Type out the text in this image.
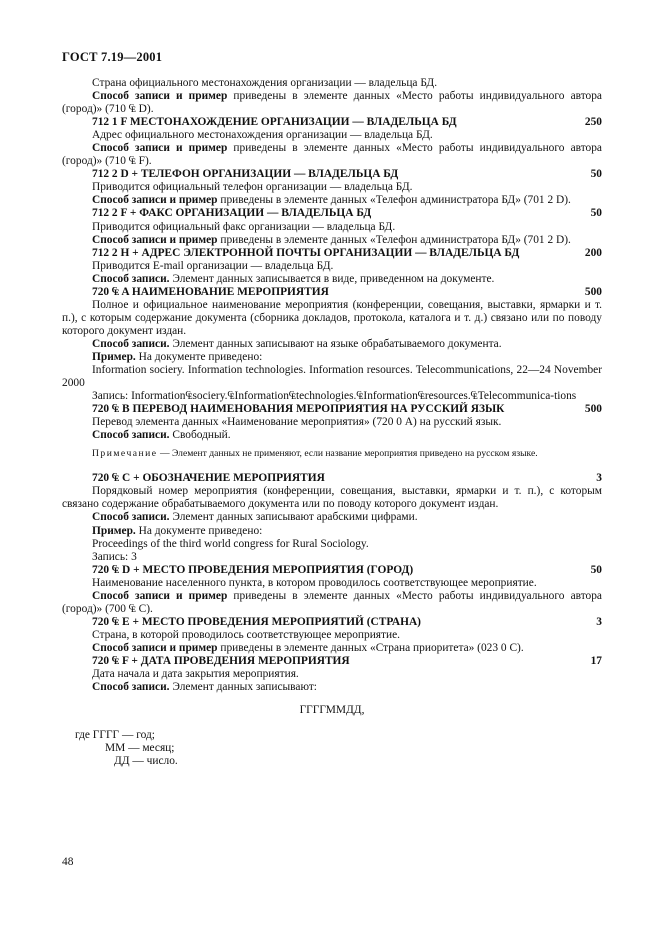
ГОСТ 7.19—2001

Страна официального местонахождения организации — владельца БД.

Способ записи и пример приведены в элементе данных «Место работы индивидуального автора (город)» (710 ₠ D).

712 1 F МЕСТОНАХОЖДЕНИЕ ОРГАНИЗАЦИИ — ВЛАДЕЛЬЦА БД	250

Адрес официального местонахождения организации — владельца БД.

Способ записи и пример приведены в элементе данных «Место работы индивидуального автора (город)» (710 ₠ F).

712 2 D + ТЕЛЕФОН ОРГАНИЗАЦИИ — ВЛАДЕЛЬЦА БД	50

Приводится официальный телефон организации — владельца БД.

Способ записи и пример приведены в элементе данных «Телефон администратора БД» (701 2 D).

712 2 F + ФАКС ОРГАНИЗАЦИИ — ВЛАДЕЛЬЦА БД	50

Приводится официальный факс организации — владельца БД.

Способ записи и пример приведены в элементе данных «Телефон администратора БД» (701 2 D).

712 2 H + АДРЕС ЭЛЕКТРОННОЙ ПОЧТЫ ОРГАНИЗАЦИИ — ВЛАДЕЛЬЦА БД	200

Приводится E-mail организации — владельца БД.

Способ записи. Элемент данных записывается в виде, приведенном на документе.

720 ₠ A НАИМЕНОВАНИЕ МЕРОПРИЯТИЯ	500

Полное и официальное наименование мероприятия (конференции, совещания, выставки, ярмарки и т. п.), с которым содержание документа (сборника докладов, протокола, каталога и т. д.) связано или по поводу которого документ издан.

Способ записи. Элемент данных записывают на языке обрабатываемого документа.

Пример. На документе приведено:

Information sociery. Information technologies. Information resources. Telecommunications, 22—24 November 2000

Запись: Information₠sociery.₠Information₠technologies.₠Information₠resources.₠Telecommunica-tions

720 ₠ B ПЕРЕВОД НАИМЕНОВАНИЯ МЕРОПРИЯТИЯ НА РУССКИЙ ЯЗЫК	500

Перевод элемента данных «Наименование мероприятия» (720 0 A) на русский язык.

Способ записи. Свободный.

Примечание — Элемент данных не применяют, если название мероприятия приведено на русском языке.

720 ₠ C + ОБОЗНАЧЕНИЕ МЕРОПРИЯТИЯ	3

Порядковый номер мероприятия (конференции, совещания, выставки, ярмарки и т. п.), с которым связано содержание обрабатываемого документа или по поводу которого документ издан.

Способ записи. Элемент данных записывают арабскими цифрами.

Пример. На документе приведено:

Proceedings of the third world congress for Rural Sociology.

Запись: 3

720 ₠ D + МЕСТО ПРОВЕДЕНИЯ МЕРОПРИЯТИЯ (ГОРОД)	50

Наименование населенного пункта, в котором проводилось соответствующее мероприятие.

Способ записи и пример приведены в элементе данных «Место работы индивидуального автора (город)» (700 ₠ C).

720 ₠ E + МЕСТО ПРОВЕДЕНИЯ МЕРОПРИЯТИЙ (СТРАНА)	3

Страна, в которой проводилось соответствующее мероприятие.

Способ записи и пример приведены в элементе данных «Страна приоритета» (023 0 C).

720 ₠ F + ДАТА ПРОВЕДЕНИЯ МЕРОПРИЯТИЯ	17

Дата начала и дата закрытия мероприятия.

Способ записи. Элемент данных записывают:

ГГГГММДД,

где ГГГГ — год;

ММ — месяц;

ДД — число.

48
